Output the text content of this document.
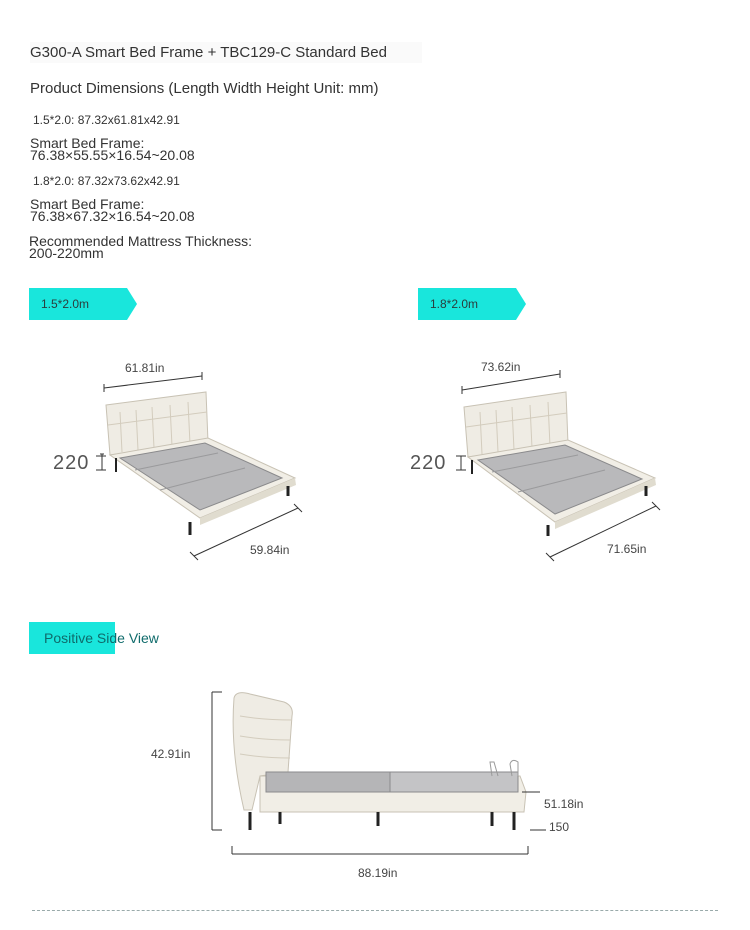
G300-A Smart Bed Frame + TBC129-C Standard Bed
Product Dimensions (Length Width Height Unit: mm)
1.5*2.0: 87.32x61.81x42.91
Smart Bed Frame:
76.38×55.55×16.54~20.08
1.8*2.0: 87.32x73.62x42.91
Smart Bed Frame:
76.38×67.32×16.54~20.08
Recommended Mattress Thickness:
200-220mm
1.5*2.0m	1.8*2.0m
61.81in
59.84in
220
73.62in
71.65in
220
Positive Side View
42.91in
51.18in
150
88.19in
